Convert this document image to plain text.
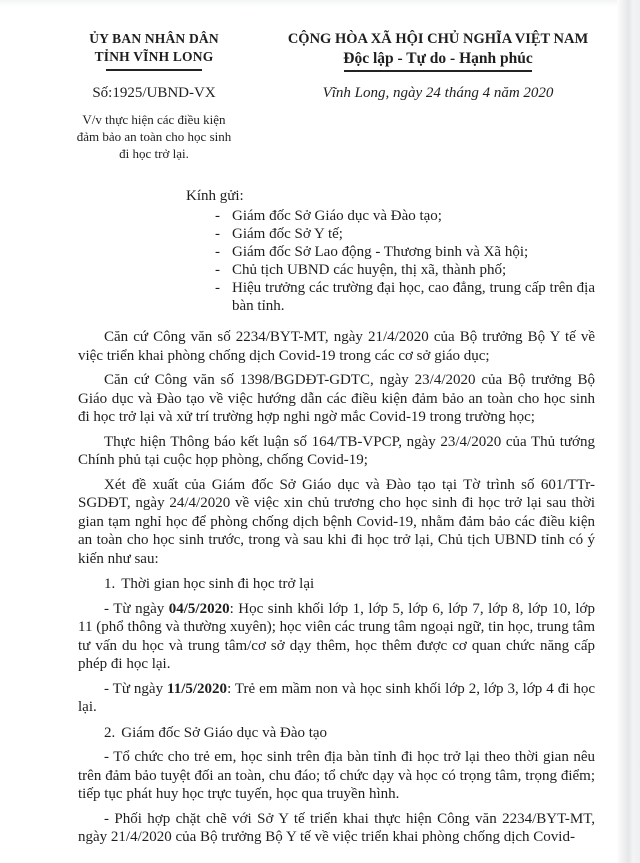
ỦY BAN NHÂN DÂN
TỈNH VĨNH LONG
Số:1925/UBND-VX
V/v thực hiện các điều kiện
đảm bảo an toàn cho học sinh
đi học trở lại.
CỘNG HÒA XÃ HỘI CHỦ NGHĨA VIỆT NAM
Độc lập - Tự do - Hạnh phúc
Vĩnh Long, ngày 24 tháng 4 năm 2020
Kính gửi:
- Giám đốc Sở Giáo dục và Đào tạo;
- Giám đốc Sở Y tế;
- Giám đốc Sở Lao động - Thương binh và Xã hội;
- Chủ tịch UBND các huyện, thị xã, thành phố;
- Hiệu trưởng các trường đại học, cao đẳng, trung cấp trên địa bàn tỉnh.

Căn cứ Công văn số 2234/BYT-MT, ngày 21/4/2020 của Bộ trưởng Bộ Y tế về việc triển khai phòng chống dịch Covid-19 trong các cơ sở giáo dục;

Căn cứ Công văn số 1398/BGDĐT-GDTC, ngày 23/4/2020 của Bộ trưởng Bộ Giáo dục và Đào tạo về việc hướng dẫn các điều kiện đảm bảo an toàn cho học sinh đi học trở lại và xử trí trường hợp nghi ngờ mắc Covid-19 trong trường học;

Thực hiện Thông báo kết luận số 164/TB-VPCP, ngày 23/4/2020 của Thủ tướng Chính phủ tại cuộc họp phòng, chống Covid-19;

Xét đề xuất của Giám đốc Sở Giáo dục và Đào tạo tại Tờ trình số 601/TTr-SGDĐT, ngày 24/4/2020 về việc xin chủ trương cho học sinh đi học trở lại sau thời gian tạm nghỉ học để phòng chống dịch bệnh Covid-19, nhằm đảm bảo các điều kiện an toàn cho học sinh trước, trong và sau khi đi học trở lại, Chủ tịch UBND tỉnh có ý kiến như sau:

1. Thời gian học sinh đi học trở lại

- Từ ngày 04/5/2020: Học sinh khối lớp 1, lớp 5, lớp 6, lớp 7, lớp 8, lớp 10, lớp 11 (phổ thông và thường xuyên); học viên các trung tâm ngoại ngữ, tin học, trung tâm tư vấn du học và trung tâm/cơ sở dạy thêm, học thêm được cơ quan chức năng cấp phép đi học lại.

- Từ ngày 11/5/2020: Trẻ em mầm non và học sinh khối lớp 2, lớp 3, lớp 4 đi học lại.

2. Giám đốc Sở Giáo dục và Đào tạo

- Tổ chức cho trẻ em, học sinh trên địa bàn tỉnh đi học trở lại theo thời gian nêu trên đảm bảo tuyệt đối an toàn, chu đáo; tổ chức dạy và học có trọng tâm, trọng điểm; tiếp tục phát huy học trực tuyến, học qua truyền hình.

- Phối hợp chặt chẽ với Sở Y tế triển khai thực hiện Công văn 2234/BYT-MT, ngày 21/4/2020 của Bộ trưởng Bộ Y tế về việc triển khai phòng chống dịch Covid-
